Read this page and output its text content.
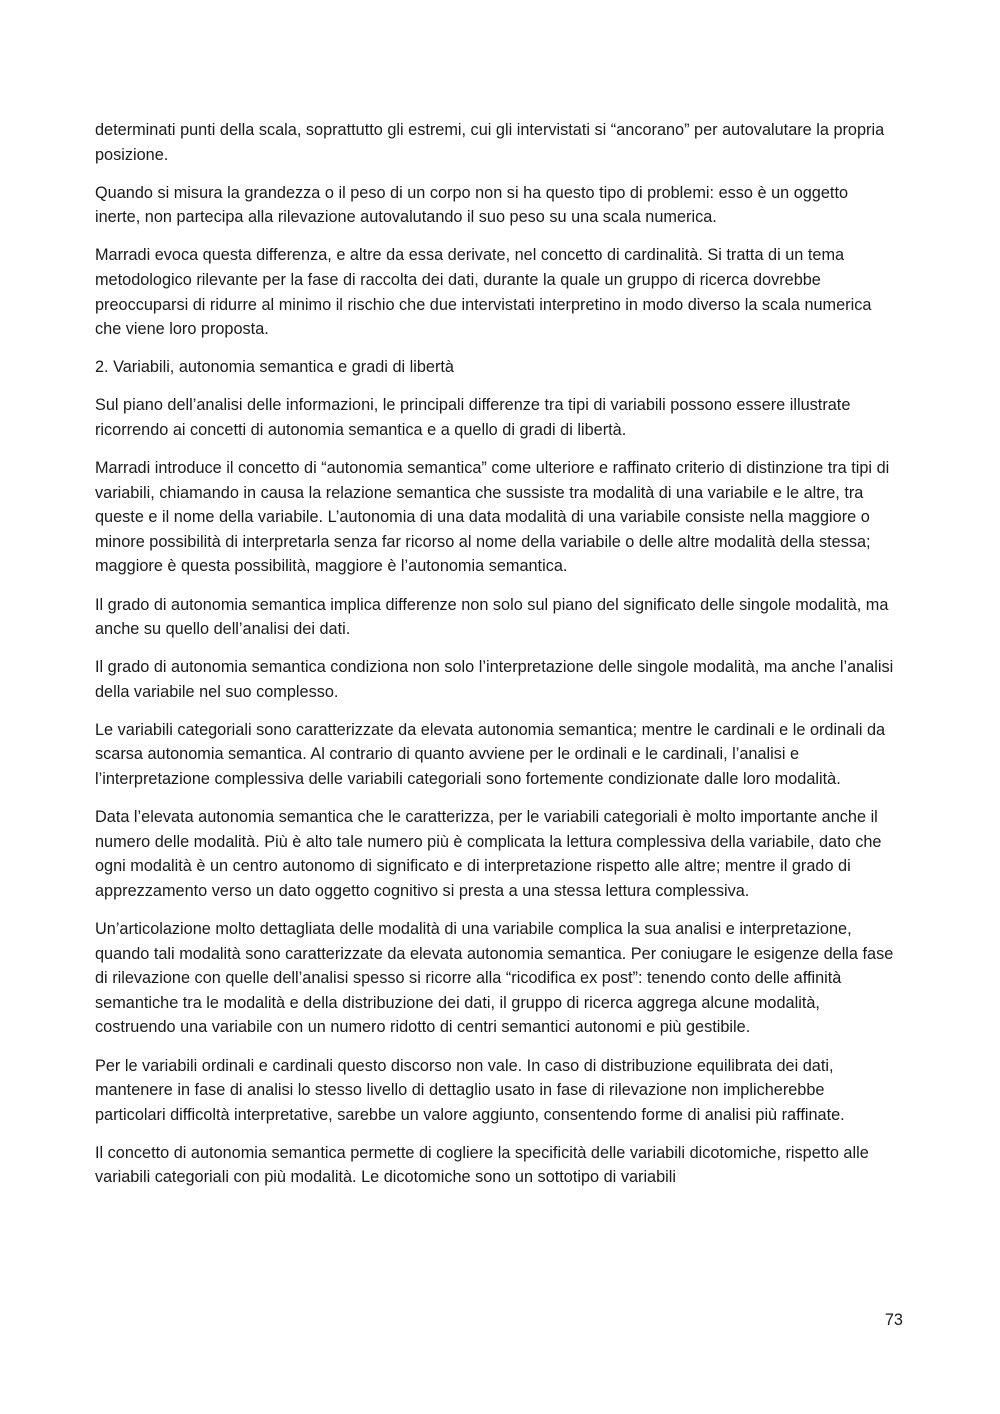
determinati punti della scala, soprattutto gli estremi, cui gli intervistati si “ancorano” per autovalutare la propria posizione.

Quando si misura la grandezza o il peso di un corpo non si ha questo tipo di problemi: esso è un oggetto inerte, non partecipa alla rilevazione autovalutando il suo peso su una scala numerica.

Marradi evoca questa differenza, e altre da essa derivate, nel concetto di cardinalità. Si tratta di un tema metodologico rilevante per la fase di raccolta dei dati, durante la quale un gruppo di ricerca dovrebbe preoccuparsi di ridurre al minimo il rischio che due intervistati interpretino in modo diverso la scala numerica che viene loro proposta.

2. Variabili, autonomia semantica e gradi di libertà

Sul piano dell’analisi delle informazioni, le principali differenze tra tipi di variabili possono essere illustrate ricorrendo ai concetti di autonomia semantica e a quello di gradi di libertà.

Marradi introduce il concetto di “autonomia semantica” come ulteriore e raffinato criterio di distinzione tra tipi di variabili, chiamando in causa la relazione semantica che sussiste tra modalità di una variabile e le altre, tra queste e il nome della variabile. L’autonomia di una data modalità di una variabile consiste nella maggiore o minore possibilità di interpretarla senza far ricorso al nome della variabile o delle altre modalità della stessa; maggiore è questa possibilità, maggiore è l’autonomia semantica.

Il grado di autonomia semantica implica differenze non solo sul piano del significato delle singole modalità, ma anche su quello dell’analisi dei dati.

Il grado di autonomia semantica condiziona non solo l’interpretazione delle singole modalità, ma anche l’analisi della variabile nel suo complesso.

Le variabili categoriali sono caratterizzate da elevata autonomia semantica; mentre le cardinali e le ordinali da scarsa autonomia semantica. Al contrario di quanto avviene per le ordinali e le cardinali, l’analisi e l’interpretazione complessiva delle variabili categoriali sono fortemente condizionate dalle loro modalità.

Data l’elevata autonomia semantica che le caratterizza, per le variabili categoriali è molto importante anche il numero delle modalità. Più è alto tale numero più è complicata la lettura complessiva della variabile, dato che ogni modalità è un centro autonomo di significato e di interpretazione rispetto alle altre; mentre il grado di apprezzamento verso un dato oggetto cognitivo si presta a una stessa lettura complessiva.

Un’articolazione molto dettagliata delle modalità di una variabile complica la sua analisi e interpretazione, quando tali modalità sono caratterizzate da elevata autonomia semantica. Per coniugare le esigenze della fase di rilevazione con quelle dell’analisi spesso si ricorre alla “ricodifica ex post”: tenendo conto delle affinità semantiche tra le modalità e della distribuzione dei dati, il gruppo di ricerca aggrega alcune modalità, costruendo una variabile con un numero ridotto di centri semantici autonomi e più gestibile.

Per le variabili ordinali e cardinali questo discorso non vale. In caso di distribuzione equilibrata dei dati, mantenere in fase di analisi lo stesso livello di dettaglio usato in fase di rilevazione non implicherebbe particolari difficoltà interpretative, sarebbe un valore aggiunto, consentendo forme di analisi più raffinate.

Il concetto di autonomia semantica permette di cogliere la specificità delle variabili dicotomiche, rispetto alle variabili categoriali con più modalità. Le dicotomiche sono un sottotipo di variabili

73
